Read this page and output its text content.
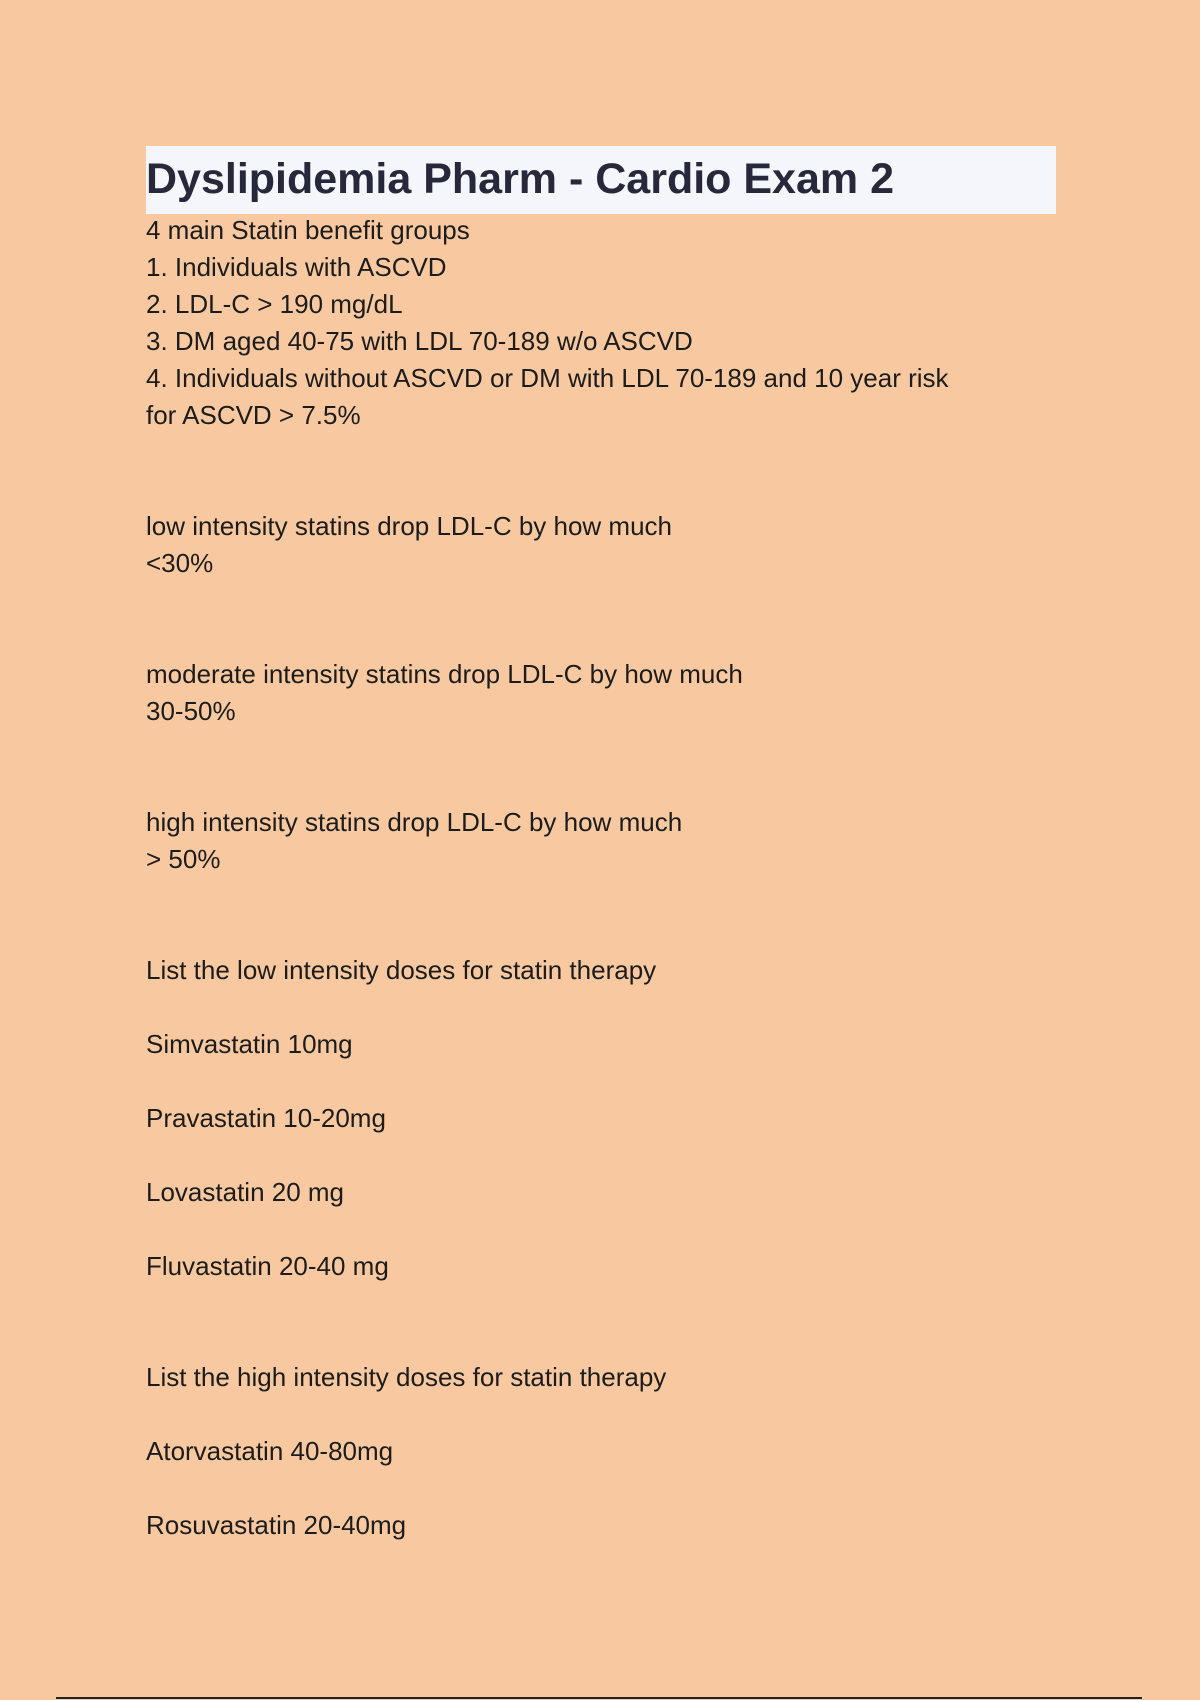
Dyslipidemia Pharm - Cardio Exam 2

4 main Statin benefit groups

1. Individuals with ASCVD

2. LDL-C > 190 mg/dL

3. DM aged 40-75 with LDL 70-189 w/o ASCVD

4. Individuals without ASCVD or DM with LDL 70-189 and 10 year risk

for ASCVD > 7.5%

low intensity statins drop LDL-C by how much

<30%

moderate intensity statins drop LDL-C by how much

30-50%

high intensity statins drop LDL-C by how much

> 50%

List the low intensity doses for statin therapy

Simvastatin 10mg

Pravastatin 10-20mg

Lovastatin 20 mg

Fluvastatin 20-40 mg

List the high intensity doses for statin therapy

Atorvastatin 40-80mg

Rosuvastatin 20-40mg
